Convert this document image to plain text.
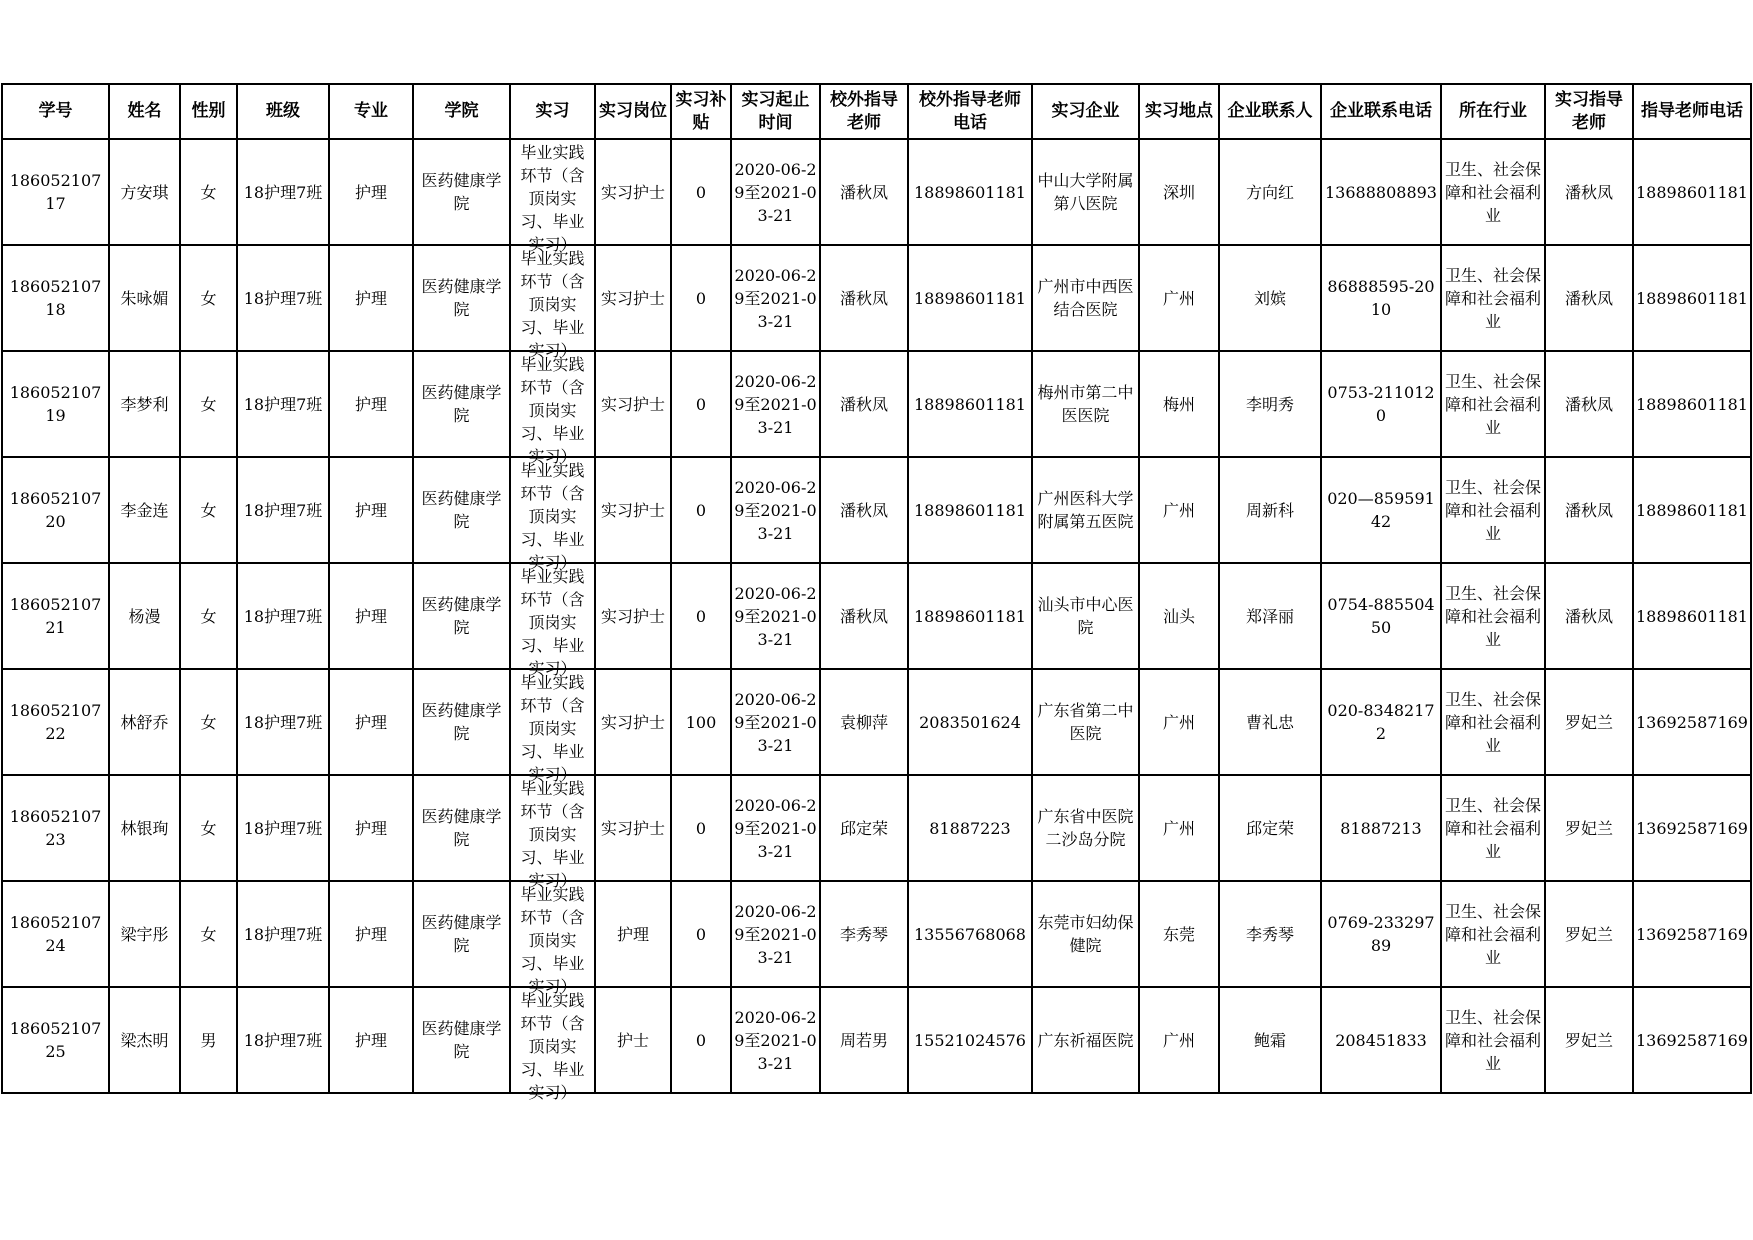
学号	姓名	性别	班级	专业	学院	实习	实习岗位	实习补贴	实习起止时间	校外指导老师	校外指导老师电话	实习企业	实习地点	企业联系人	企业联系电话	所在行业	实习指导老师	指导老师电话

18605210717	方安琪	女	18护理7班	护理	医药健康学院	毕业实践环节（含顶岗实习、毕业实习）	实习护士	0	2020-06-29至2021-03-21	潘秋凤	18898601181	中山大学附属第八医院	深圳	方向红	13688808893	卫生、社会保障和社会福利业	潘秋凤	18898601181

18605210718	朱咏媚	女	18护理7班	护理	医药健康学院	毕业实践环节（含顶岗实习、毕业实习）	实习护士	0	2020-06-29至2021-03-21	潘秋凤	18898601181	广州市中西医结合医院	广州	刘嫔	86888595-2010	卫生、社会保障和社会福利业	潘秋凤	18898601181

18605210719	李梦利	女	18护理7班	护理	医药健康学院	毕业实践环节（含顶岗实习、毕业实习）	实习护士	0	2020-06-29至2021-03-21	潘秋凤	18898601181	梅州市第二中医医院	梅州	李明秀	0753-2110120	卫生、社会保障和社会福利业	潘秋凤	18898601181

18605210720	李金连	女	18护理7班	护理	医药健康学院	毕业实践环节（含顶岗实习、毕业实习）	实习护士	0	2020-06-29至2021-03-21	潘秋凤	18898601181	广州医科大学附属第五医院	广州	周新科	020—85959142	卫生、社会保障和社会福利业	潘秋凤	18898601181

18605210721	杨漫	女	18护理7班	护理	医药健康学院	毕业实践环节（含顶岗实习、毕业实习）	实习护士	0	2020-06-29至2021-03-21	潘秋凤	18898601181	汕头市中心医院	汕头	郑泽丽	0754-88550450	卫生、社会保障和社会福利业	潘秋凤	18898601181

18605210722	林舒乔	女	18护理7班	护理	医药健康学院	毕业实践环节（含顶岗实习、毕业实习）	实习护士	100	2020-06-29至2021-03-21	袁柳萍	2083501624	广东省第二中医院	广州	曹礼忠	020-83482172	卫生、社会保障和社会福利业	罗妃兰	13692587169

18605210723	林银珣	女	18护理7班	护理	医药健康学院	毕业实践环节（含顶岗实习、毕业实习）	实习护士	0	2020-06-29至2021-03-21	邱定荣	81887223	广东省中医院二沙岛分院	广州	邱定荣	81887213	卫生、社会保障和社会福利业	罗妃兰	13692587169

18605210724	梁宇彤	女	18护理7班	护理	医药健康学院	毕业实践环节（含顶岗实习、毕业实习）	护理	0	2020-06-29至2021-03-21	李秀琴	13556768068	东莞市妇幼保健院	东莞	李秀琴	0769-23329789	卫生、社会保障和社会福利业	罗妃兰	13692587169

18605210725	梁杰明	男	18护理7班	护理	医药健康学院	毕业实践环节（含顶岗实习、毕业实习）	护士	0	2020-06-29至2021-03-21	周若男	15521024576	广东祈福医院	广州	鲍霜	208451833	卫生、社会保障和社会福利业	罗妃兰	13692587169
